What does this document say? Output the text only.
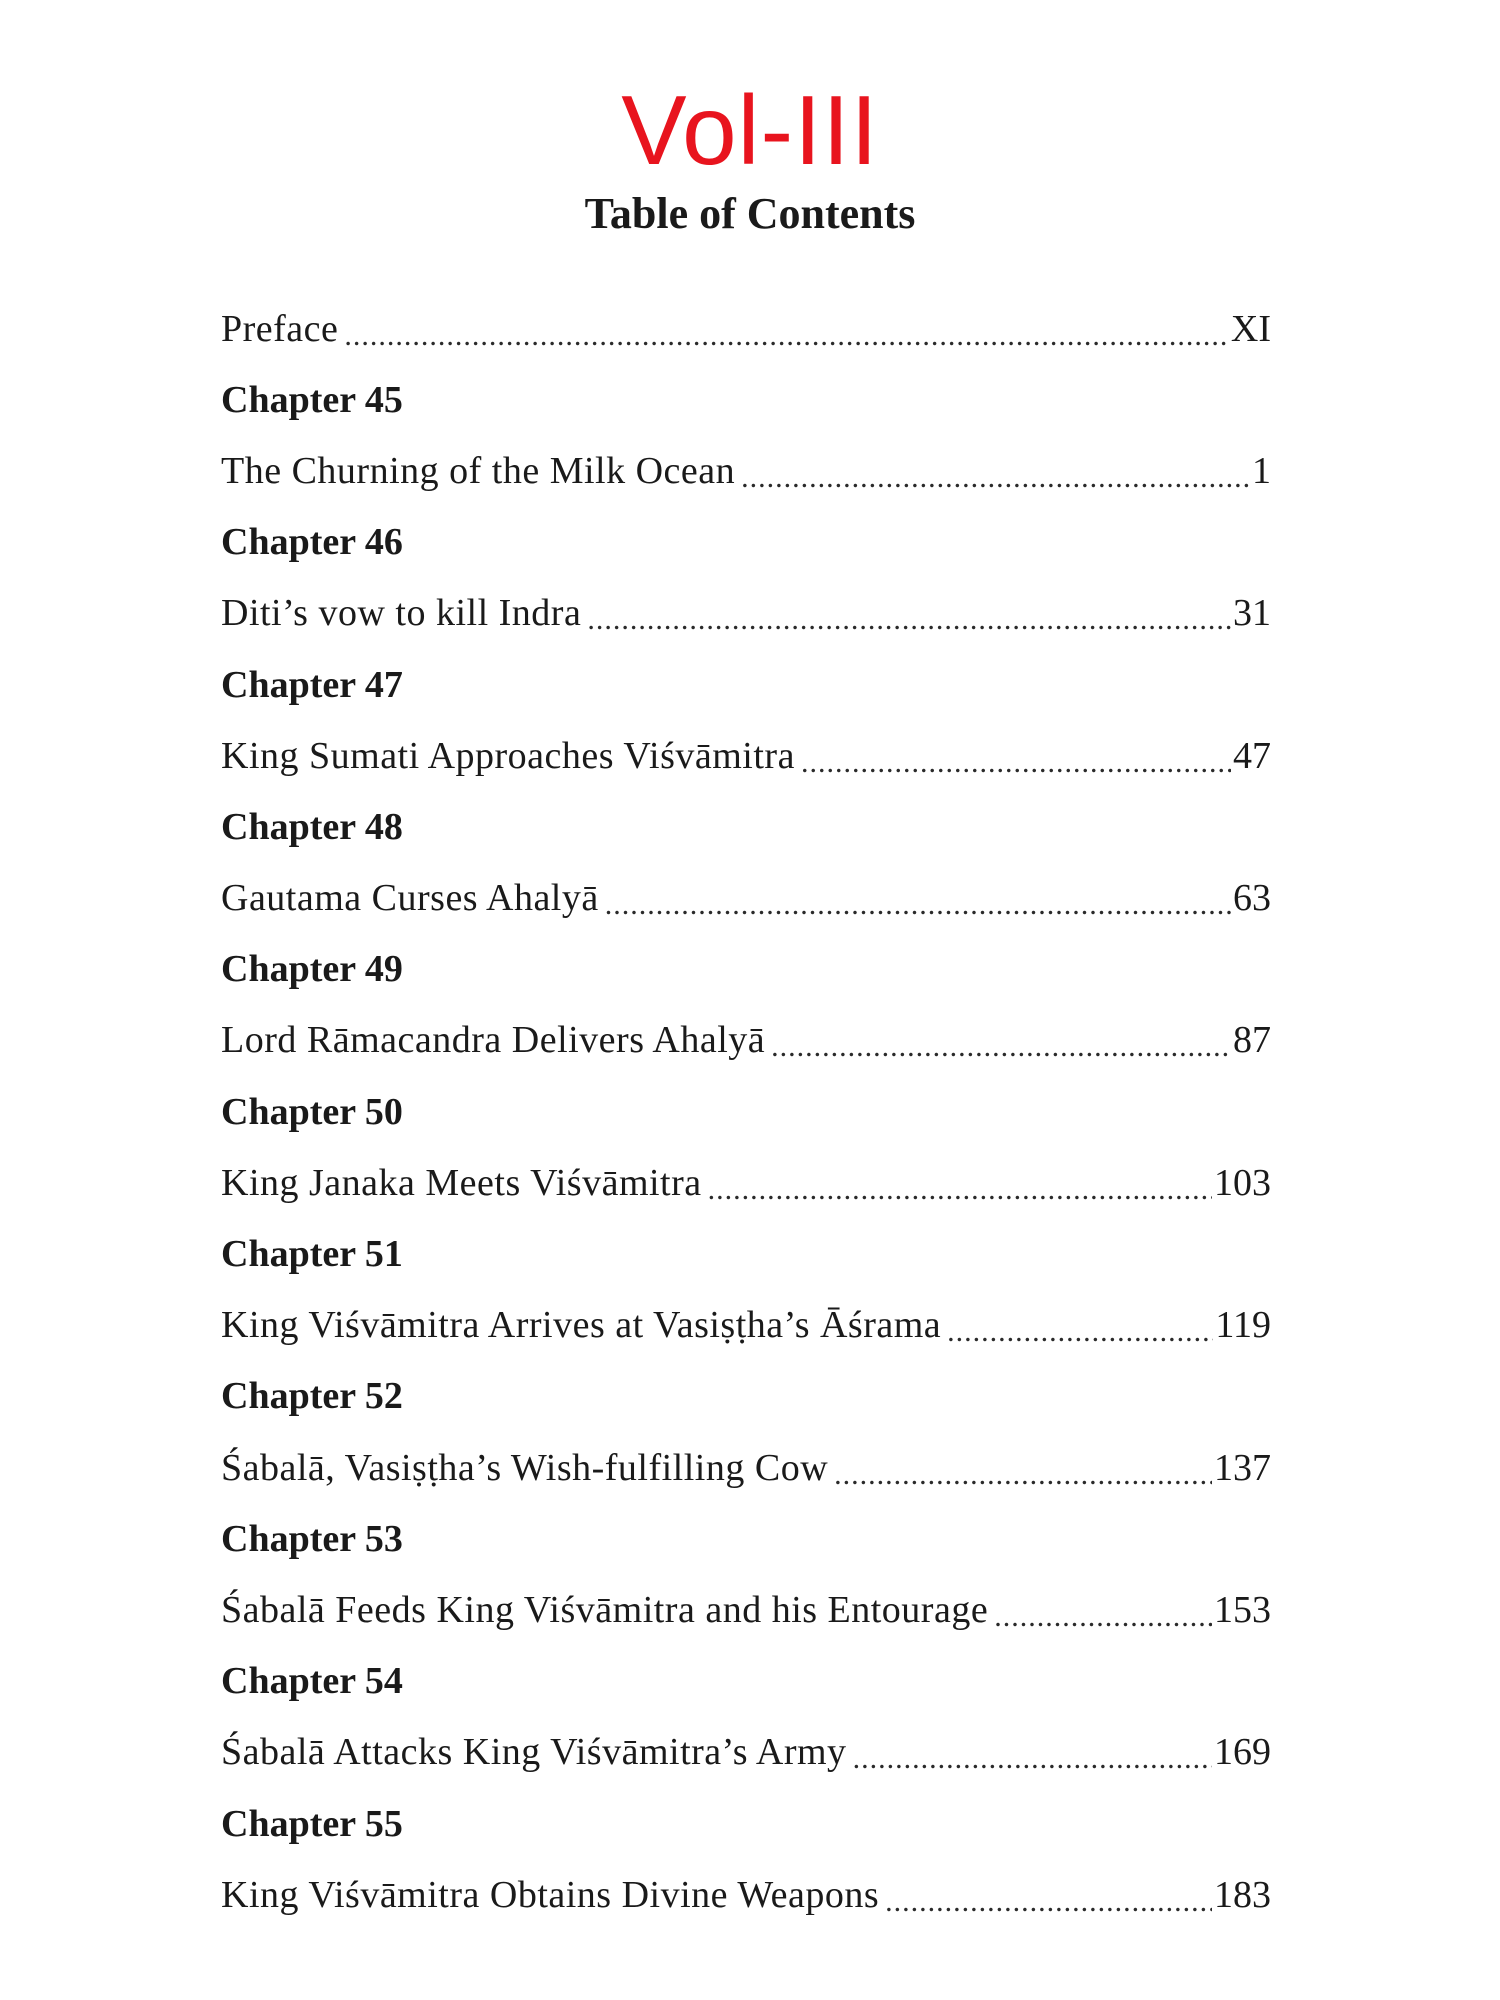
Vol-III
Table of Contents
Preface .....	XI
Chapter 45
The Churning of the Milk Ocean .....	1
Chapter 46
Diti’s vow to kill Indra .....	31
Chapter 47
King Sumati Approaches Viśvāmitra .....	47
Chapter 48
Gautama Curses Ahalyā .....	63
Chapter 49
Lord Rāmacandra Delivers Ahalyā .....	87
Chapter 50
King Janaka Meets Viśvāmitra .....	103
Chapter 51
King Viśvāmitra Arrives at Vasiṣṭha’s Āśrama .....	119
Chapter 52
Śabalā, Vasiṣṭha’s Wish-fulfilling Cow .....	137
Chapter 53
Śabalā Feeds King Viśvāmitra and his Entourage .....	153
Chapter 54
Śabalā Attacks King Viśvāmitra’s Army .....	169
Chapter 55
King Viśvāmitra Obtains Divine Weapons .....	183
